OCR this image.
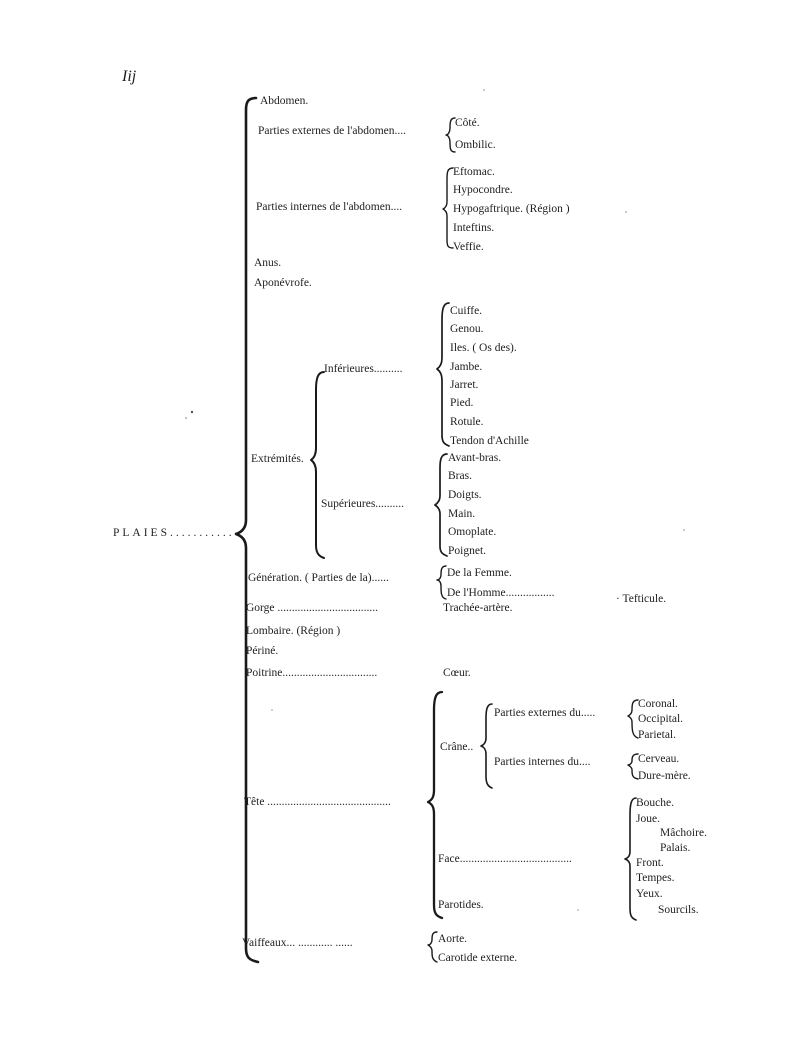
Iij
PLAIES...........
Abdomen.
Parties externes de l'abdomen....
Parties internes de l'abdomen....
Anus.
Aponévrofe.
Extrémités.
Génération. ( Parties de la)......
Gorge ...................................
Lombaire. (Région )
Périné.
Poitrine.................................
Tête ...........................................
Vaiffeaux... ............ ......
Côté.
Ombilic.
Eftomac.
Hypocondre.
Hypogaftrique. (Région )
Inteftins.
Veffie.
Inférieures..........
Cuiffe.
Genou.
Iles. ( Os des).
Jambe.
Jarret.
Pied.
Rotule.
Tendon d'Achille
Supérieures..........
Avant-bras.
Bras.
Doigts.
Main.
Omoplate.
Poignet.
De la Femme.
De l'Homme.................	· Tefticule.
Trachée-artère.
Cœur.
Crâne..
Parties externes du.....
Coronal.
Occipital.
Parietal.
Parties internes du....	Cerveau.
Dure-mère.
Face.......................................
Bouche.
Joue.
Mâchoire.
Palais.
Front.
Tempes.
Yeux.
Sourcils.
Parotides.
Aorte.
Carotide externe.
